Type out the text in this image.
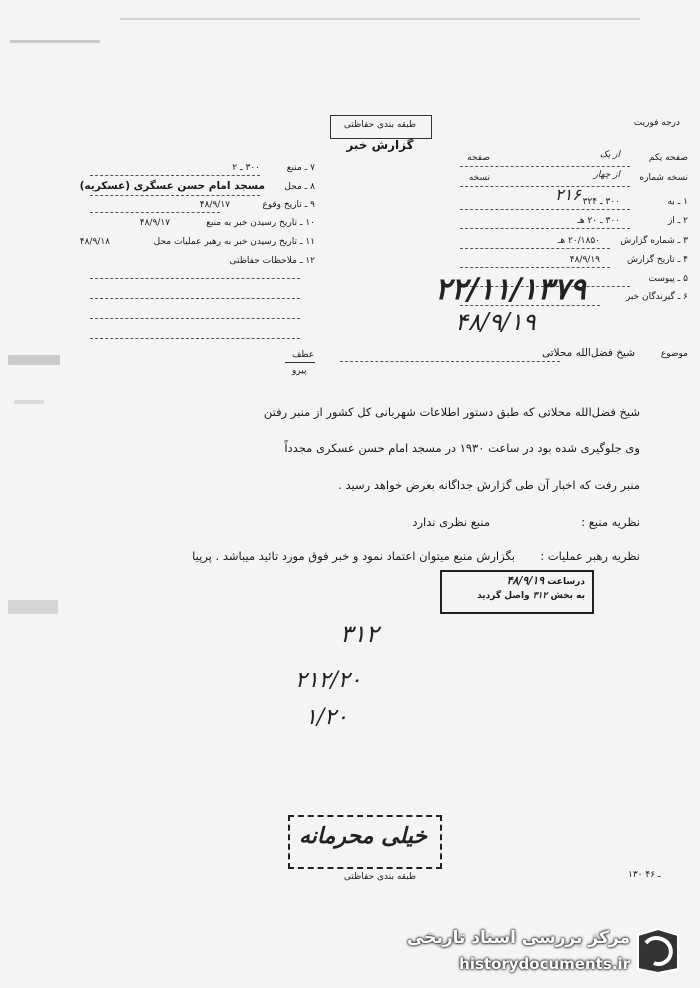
طبقه بندی حفاظتی
گزارش خبر
درجه فوریت
صفحه یکم
از یک
صفحه
نسخه شماره
از چهار
نسخه
۱ ـ به
۳۰۰ ـ ۳۲۴
۲ ـ از
۳۰۰ ـ ۲۰ هـ
۳ ـ شماره گزارش
۲۰/۱۸۵۰ هـ
۴ ـ تاریخ گزارش
۴۸/۹/۱۹
۵ ـ پیوست
۶ ـ گیرندگان خبر
۷ ـ منبع
۳۰۰ ـ ۲
۸ ـ محل
مسجد امام حسن عسگری (عسکریه)
۹ ـ تاریخ وقوع
۴۸/۹/۱۷
۱۰ ـ تاریخ رسیدن خبر به منبع
۴۸/۹/۱۷
۱۱ ـ تاریخ رسیدن خبر به رهبر عملیات محل
۴۸/۹/۱۸
۱۲ ـ ملاحظات حفاظتی
۲۱۶
۲۲/۱۱/۱۳۷۹
۴۸/۹/۱۹
عطف
پیرو
موضوع
شیخ فضل‌الله محلاتی
شیخ فضل‌الله محلاتی که طبق دستور اطلاعات شهربانی کل کشور از منبر رفتن
وی جلوگیری شده بود در ساعت ۱۹۳۰ در مسجد امام حسن عسکری مجدداً
منبر رفت که اخبار آن طی گزارش جداگانه بعرض خواهد رسید .
نظریه منبع :
منبع نظری ندارد
نظریه رهبر عملیات :
بگزارش منبع میتوان اعتماد نمود و خبر فوق مورد تائید میباشد . پرپیا
درساعت ۴۸/۹/۱۹
به بخش ۳۱۲ واصل گردید
۳۱۲
۲۱۲/۲۰
۱/۲۰
خیلی محرمانه
طبقه بندی حفاظتی	۱۳۰ ـ ۴۶
مرکز بررسی اسناد تاریخی
historydocuments.ir
